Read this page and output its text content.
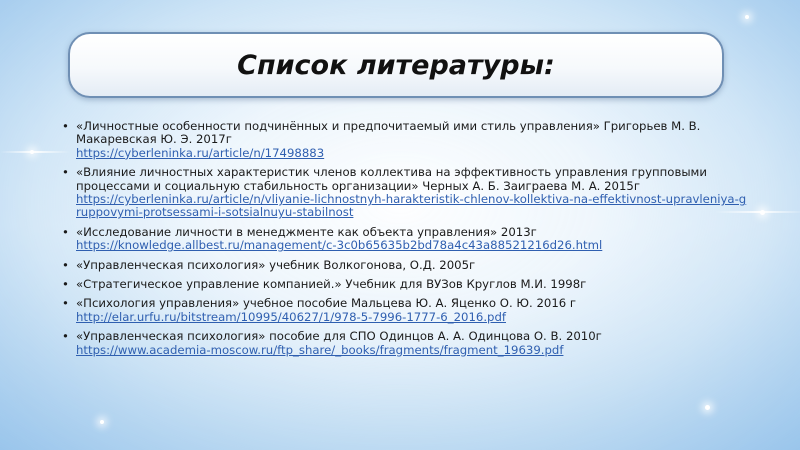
Список литературы:
• «Личностные особенности подчинённых и предпочитаемый ими стиль управления» Григорьев М. В. Макаревская Ю. Э. 2017г
https://cyberleninka.ru/article/n/17498883
• «Влияние личностных характеристик членов коллектива на эффективность управления групповыми процессами и социальную стабильность организации» Черных А. Б. Заиграева М. А. 2015г
https://cyberleninka.ru/article/n/vliyanie-lichnostnyh-harakteristik-chlenov-kollektiva-na-effektivnost-upravleniya-gruppovymi-protsessami-i-sotsialnuyu-stabilnost
• «Исследование личности в менеджменте как объекта управления» 2013г
https://knowledge.allbest.ru/management/c-3c0b65635b2bd78a4c43a88521216d26.html
• «Управленческая психология» учебник Волкогонова, О.Д. 2005г
• «Стратегическое управление компанией.» Учебник для ВУЗов Круглов М.И. 1998г
• «Психология управления» учебное пособие Мальцева Ю. А. Яценко О. Ю. 2016 г
http://elar.urfu.ru/bitstream/10995/40627/1/978-5-7996-1777-6_2016.pdf
• «Управленческая психология» пособие для СПО Одинцов А. А. Одинцова О. В. 2010г
https://www.academia-moscow.ru/ftp_share/_books/fragments/fragment_19639.pdf
